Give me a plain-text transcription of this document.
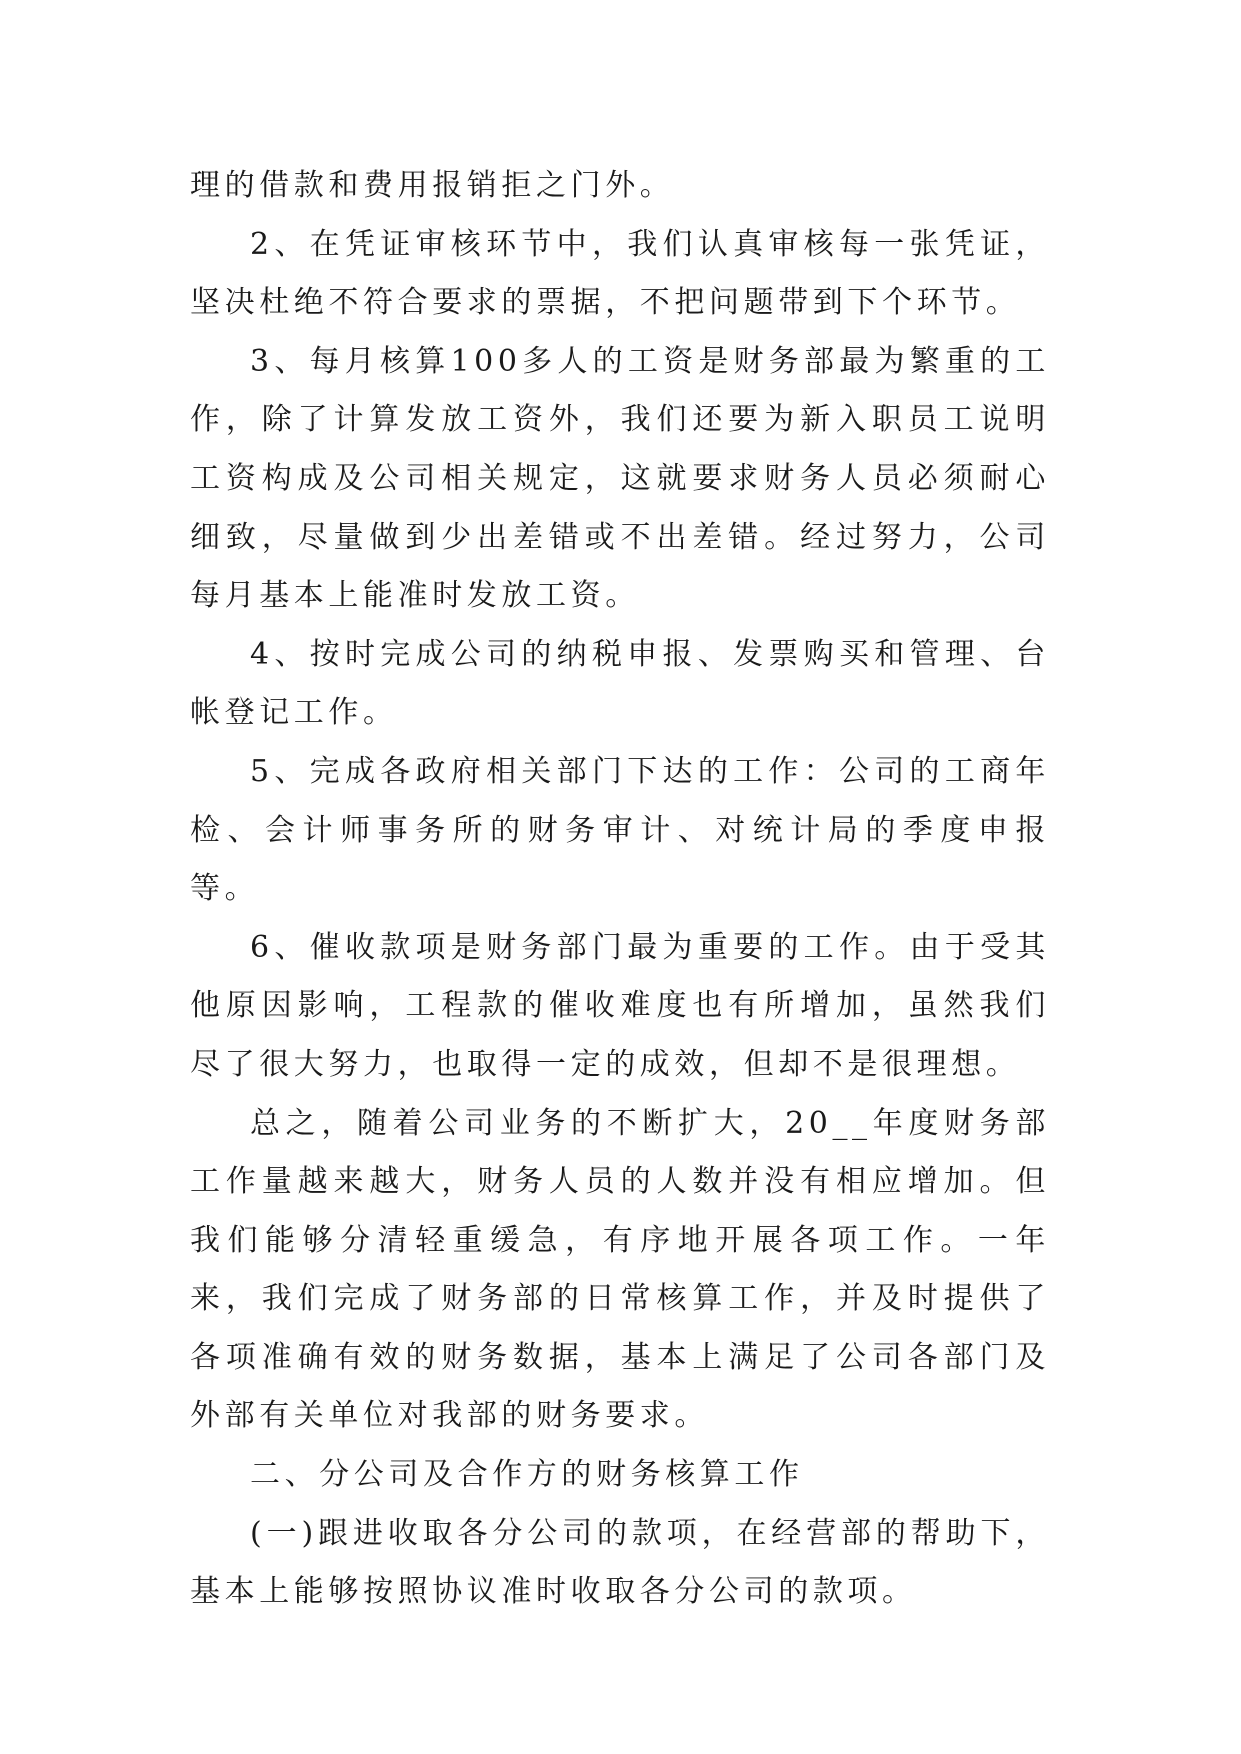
理的借款和费用报销拒之门外。

2、在凭证审核环节中，我们认真审核每一张凭证，坚决杜绝不符合要求的票据，不把问题带到下个环节。

3、每月核算100多人的工资是财务部最为繁重的工作，除了计算发放工资外，我们还要为新入职员工说明工资构成及公司相关规定，这就要求财务人员必须耐心细致，尽量做到少出差错或不出差错。经过努力，公司每月基本上能准时发放工资。

4、按时完成公司的纳税申报、发票购买和管理、台帐登记工作。

5、完成各政府相关部门下达的工作：公司的工商年检、会计师事务所的财务审计、对统计局的季度申报等。

6、催收款项是财务部门最为重要的工作。由于受其他原因影响，工程款的催收难度也有所增加，虽然我们尽了很大努力，也取得一定的成效，但却不是很理想。

总之，随着公司业务的不断扩大，20__年度财务部工作量越来越大，财务人员的人数并没有相应增加。但我们能够分清轻重缓急，有序地开展各项工作。一年来，我们完成了财务部的日常核算工作，并及时提供了各项准确有效的财务数据，基本上满足了公司各部门及外部有关单位对我部的财务要求。

二、分公司及合作方的财务核算工作

(一)跟进收取各分公司的款项，在经营部的帮助下，基本上能够按照协议准时收取各分公司的款项。
